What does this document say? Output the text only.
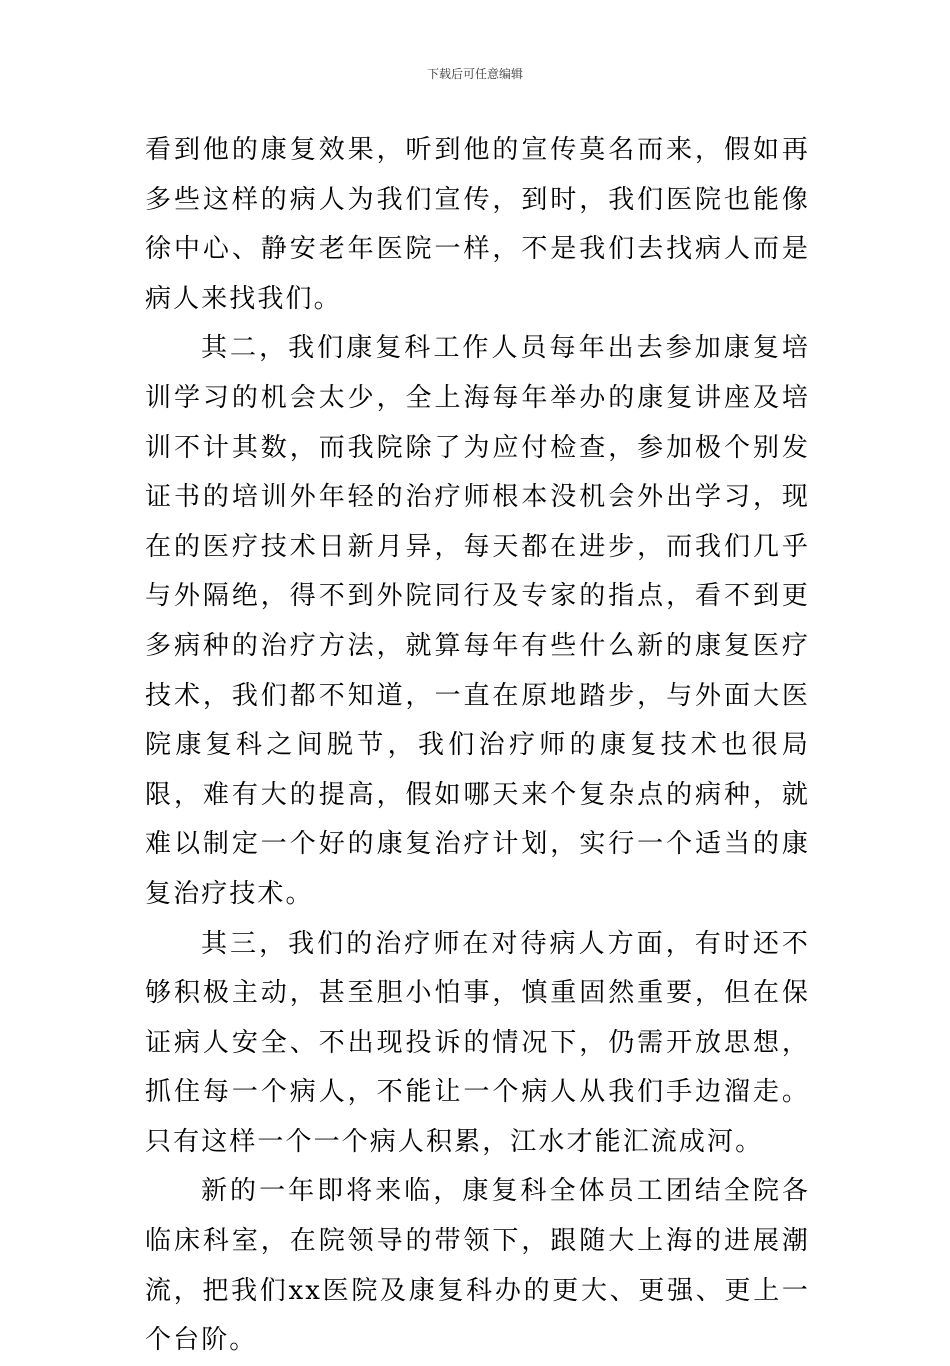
下载后可任意编辑

看到他的康复效果，听到他的宣传莫名而来，假如再多些这样的病人为我们宣传，到时，我们医院也能像徐中心、静安老年医院一样，不是我们去找病人而是病人来找我们。

其二，我们康复科工作人员每年出去参加康复培训学习的机会太少，全上海每年举办的康复讲座及培训不计其数，而我院除了为应付检查，参加极个别发证书的培训外年轻的治疗师根本没机会外出学习，现在的医疗技术日新月异，每天都在进步，而我们几乎与外隔绝，得不到外院同行及专家的指点，看不到更多病种的治疗方法，就算每年有些什么新的康复医疗技术，我们都不知道，一直在原地踏步，与外面大医院康复科之间脱节，我们治疗师的康复技术也很局限，难有大的提高，假如哪天来个复杂点的病种，就难以制定一个好的康复治疗计划，实行一个适当的康复治疗技术。

其三，我们的治疗师在对待病人方面，有时还不够积极主动，甚至胆小怕事，慎重固然重要，但在保证病人安全、不出现投诉的情况下，仍需开放思想，抓住每一个病人，不能让一个病人从我们手边溜走。只有这样一个一个病人积累，江水才能汇流成河。

新的一年即将来临，康复科全体员工团结全院各临床科室，在院领导的带领下，跟随大上海的进展潮流，把我们xx医院及康复科办的更大、更强、更上一个台阶。
